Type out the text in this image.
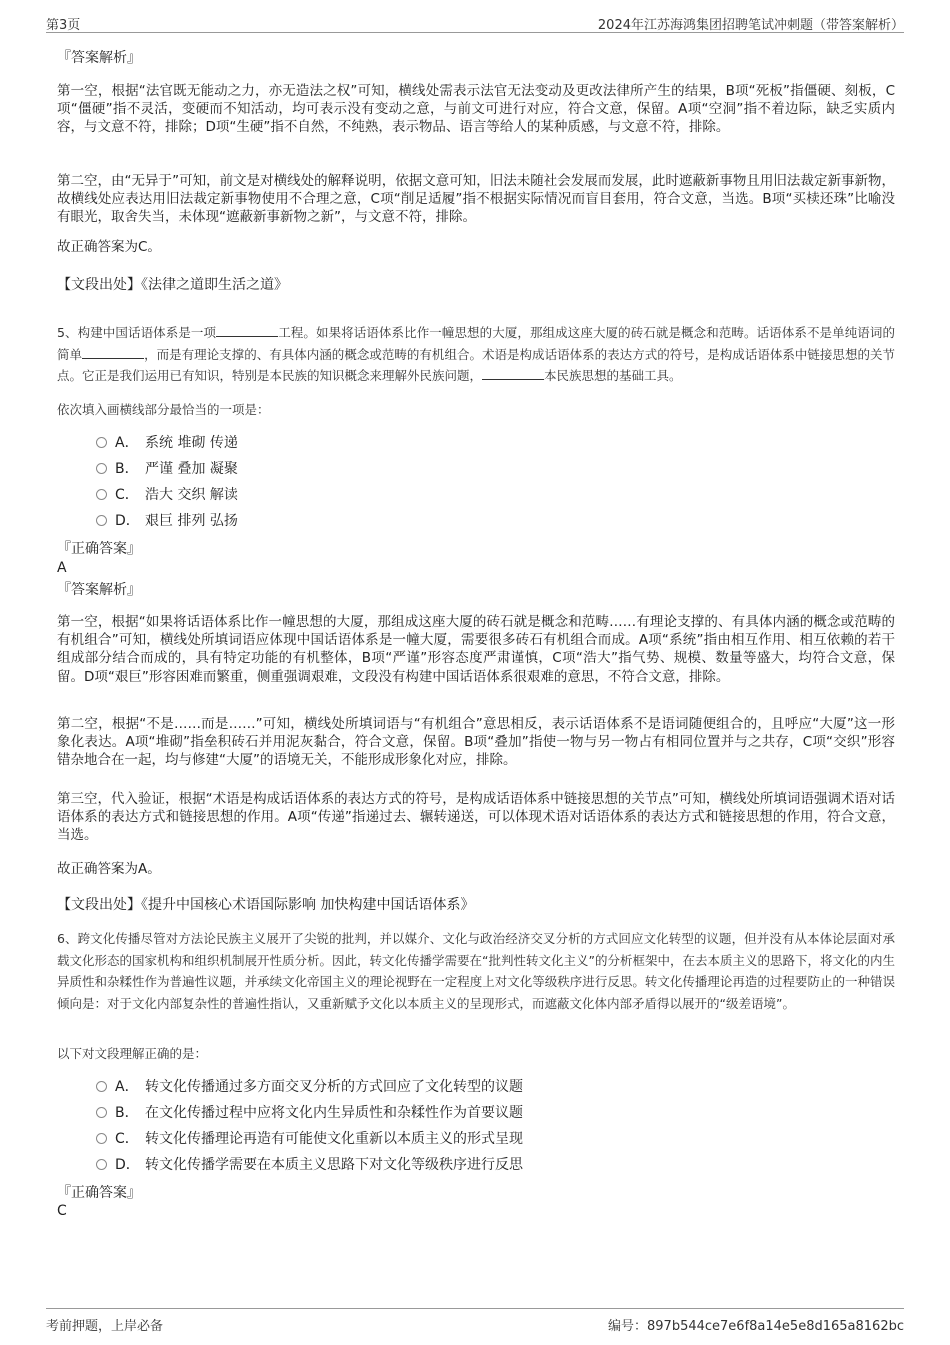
第3页	2024年江苏海鸿集团招聘笔试冲刺题（带答案解析）
『答案解析』
第一空，根据“法官既无能动之力，亦无造法之权”可知，横线处需表示法官无法变动及更改法律所产生的结果，B项“死板”指僵硬、刻板，C项“僵硬”指不灵活，变硬而不知活动，均可表示没有变动之意，与前文可进行对应，符合文意，保留。A项“空洞”指不着边际，缺乏实质内容，与文意不符，排除；D项“生硬”指不自然，不纯熟，表示物品、语言等给人的某种质感，与文意不符，排除。
第二空，由“无异于”可知，前文是对横线处的解释说明，依据文意可知，旧法未随社会发展而发展，此时遮蔽新事物且用旧法裁定新事新物，故横线处应表达用旧法裁定新事物使用不合理之意，C项“削足适履”指不根据实际情况而盲目套用，符合文意，当选。B项“买椟还珠”比喻没有眼光，取舍失当，未体现“遮蔽新事新物之新”，与文意不符，排除。
故正确答案为C。
【文段出处】《法律之道即生活之道》
5、构建中国话语体系是一项	工程。如果将话语体系比作一幢思想的大厦，那组成这座大厦的砖石就是概念和范畴。话语体系不是单纯语词的简单	，而是有理论支撑的、有具体内涵的概念或范畴的有机组合。术语是构成话语体系的表达方式的符号，是构成话语体系中链接思想的关节点。它正是我们运用已有知识，特别是本民族的知识概念来理解外民族问题，	本民族思想的基础工具。
依次填入画横线部分最恰当的一项是：
A． 系统 堆砌 传递
B． 严谨 叠加 凝聚
C． 浩大 交织 解读
D． 艰巨 排列 弘扬
『正确答案』
A
『答案解析』
第一空，根据“如果将话语体系比作一幢思想的大厦，那组成这座大厦的砖石就是概念和范畴……有理论支撑的、有具体内涵的概念或范畴的有机组合”可知，横线处所填词语应体现中国话语体系是一幢大厦，需要很多砖石有机组合而成。A项“系统”指由相互作用、相互依赖的若干组成部分结合而成的，具有特定功能的有机整体，B项“严谨”形容态度严肃谨慎，C项“浩大”指气势、规模、数量等盛大，均符合文意，保留。D项“艰巨”形容困难而繁重，侧重强调艰难，文段没有构建中国话语体系很艰难的意思，不符合文意，排除。
第二空，根据“不是……而是……”可知，横线处所填词语与“有机组合”意思相反，表示话语体系不是语词随便组合的，且呼应“大厦”这一形象化表达。A项“堆砌”指垒积砖石并用泥灰黏合，符合文意，保留。B项“叠加”指使一物与另一物占有相同位置并与之共存，C项“交织”形容错杂地合在一起，均与修建“大厦”的语境无关，不能形成形象化对应，排除。
第三空，代入验证，根据“术语是构成话语体系的表达方式的符号，是构成话语体系中链接思想的关节点”可知，横线处所填词语强调术语对话语体系的表达方式和链接思想的作用。A项“传递”指递过去、辗转递送，可以体现术语对话语体系的表达方式和链接思想的作用，符合文意，当选。
故正确答案为A。
【文段出处】《提升中国核心术语国际影响 加快构建中国话语体系》
6、跨文化传播尽管对方法论民族主义展开了尖锐的批判，并以媒介、文化与政治经济交叉分析的方式回应文化转型的议题，但并没有从本体论层面对承载文化形态的国家机构和组织机制展开性质分析。因此，转文化传播学需要在“批判性转文化主义”的分析框架中，在去本质主义的思路下，将文化的内生异质性和杂糅性作为普遍性议题，并承续文化帝国主义的理论视野在一定程度上对文化等级秩序进行反思。转文化传播理论再造的过程要防止的一种错误倾向是：对于文化内部复杂性的普遍性指认，又重新赋予文化以本质主义的呈现形式，而遮蔽文化体内部矛盾得以展开的“级差语境”。
以下对文段理解正确的是：
A． 转文化传播通过多方面交叉分析的方式回应了文化转型的议题
B． 在文化传播过程中应将文化内生异质性和杂糅性作为首要议题
C． 转文化传播理论再造有可能使文化重新以本质主义的形式呈现
D． 转文化传播学需要在本质主义思路下对文化等级秩序进行反思
『正确答案』
C
考前押题，上岸必备	编号：897b544ce7e6f8a14e5e8d165a8162bc
